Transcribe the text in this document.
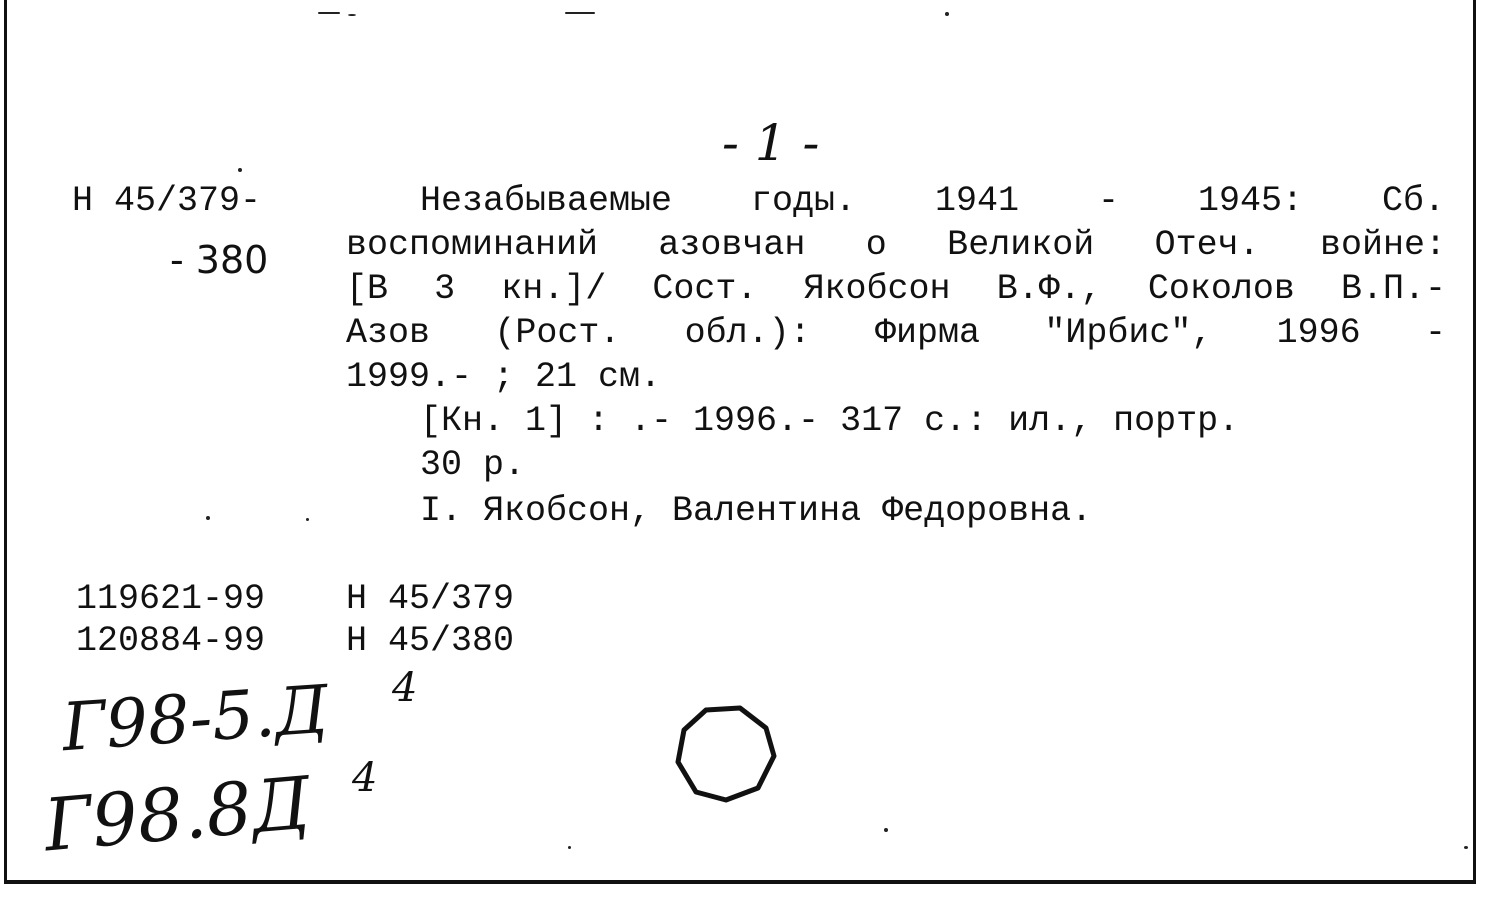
- 1 -
Н 45/379-
- 380
Незабываемые годы. 1941 - 1945: Сб.
воспоминаний азовчан о Великой Отеч. войне:
[В 3 кн.]/ Сост. Якобсон В.Ф., Соколов В.П.-
Азов (Рост. обл.): Фирма "Ирбис", 1996 -
1999.- ; 21 см.
[Кн. 1] : .- 1996.- 317 с.: ил., портр.
30 р.
I. Якобсон, Валентина Федоровна.
119621-99 Н 45/379
120884-99 Н 45/380
Г98-5.Д 4
Г98.8Д 4
